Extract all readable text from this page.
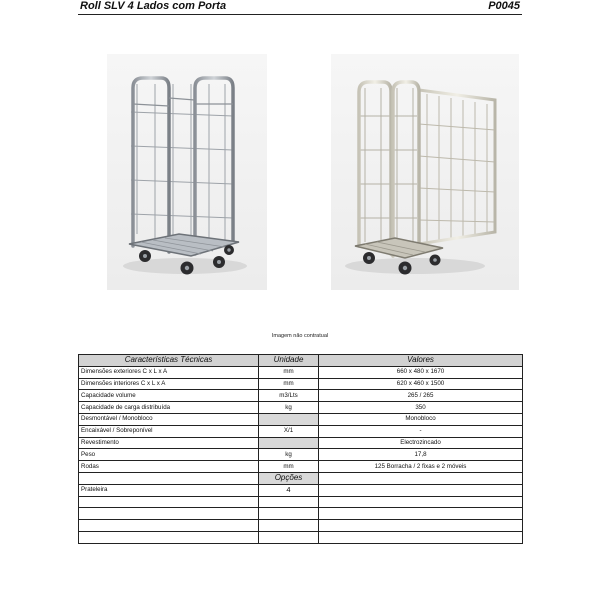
Roll SLV 4 Lados com Porta	P0045
Imagem não contratual
Características Técnicas	Unidade	Valores
Dimensões exteriores C x L x A	mm	660 x 480 x 1670
Dimensões interiores C x L x A	mm	620 x 460 x 1500
Capacidade volume	m3/Lts	265 / 265
Capacidade de carga distribuída	kg	350
Desmontável / Monobloco		Monobloco
Encaixável / Sobreponível	X/1	-
Revestimento		Electrozincado
Peso	kg	17,8
Rodas	mm	125 Borracha / 2 fixas e 2 móveis
	Opções	
Prateleira	4	
